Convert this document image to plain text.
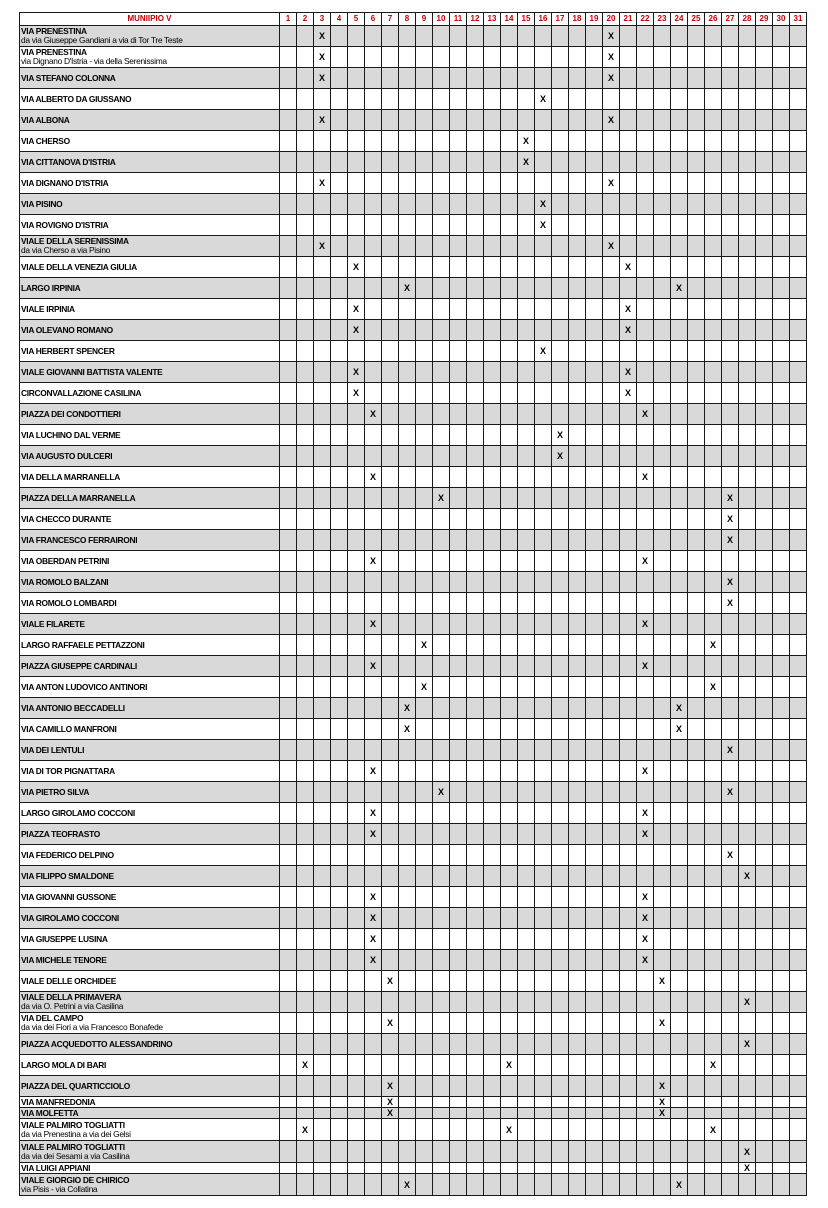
MUNIIPIO V	1	2	3	4	5	6	7	8	9	10	11	12	13	14	15	16	17	18	19	20	21	22	23	24	25	26	27	28	29	30	31
VIA PRENESTINA
da via Giuseppe Gandiani a via di Tor Tre Teste			X																	X											
VIA PRENESTINA
via Dignano D'Istria - via della Serenissima			X																	X											
VIA STEFANO COLONNA			X																	X											
VIA ALBERTO DA GIUSSANO																X															
VIA ALBONA			X																	X											
VIA CHERSO															X																
VIA CITTANOVA D'ISTRIA															X																
VIA DIGNANO D'ISTRIA			X																	X											
VIA PISINO																X															
VIA ROVIGNO D'ISTRIA																X															
VIALE DELLA SERENISSIMA
da via Cherso a via Pisino			X																	X											
VIALE DELLA VENEZIA GIULIA					X																X										
LARGO IRPINIA								X																X							
VIALE IRPINIA					X																X										
VIA OLEVANO ROMANO					X																X										
VIA HERBERT SPENCER																X															
VIALE GIOVANNI BATTISTA VALENTE					X																X										
CIRCONVALLAZIONE CASILINA					X																X										
PIAZZA DEI CONDOTTIERI						X																X									
VIA LUCHINO DAL VERME																	X														
VIA AUGUSTO DULCERI																	X														
VIA DELLA MARRANELLA						X																X									
PIAZZA DELLA MARRANELLA										X																	X				
VIA CHECCO DURANTE																											X				
VIA FRANCESCO FERRAIRONI																											X				
VIA OBERDAN PETRINI						X																X									
VIA ROMOLO BALZANI																											X				
VIA ROMOLO LOMBARDI																											X				
VIALE FILARETE						X																X									
LARGO RAFFAELE PETTAZZONI									X																	X					
PIAZZA GIUSEPPE CARDINALI						X																X									
VIA ANTON LUDOVICO ANTINORI									X																	X					
VIA ANTONIO BECCADELLI								X																X							
VIA CAMILLO MANFRONI								X																X							
VIA DEI LENTULI																											X				
VIA DI TOR PIGNATTARA						X																X									
VIA PIETRO SILVA										X																	X				
LARGO GIROLAMO COCCONI						X																X									
PIAZZA TEOFRASTO						X																X									
VIA FEDERICO DELPINO																											X				
VIA FILIPPO SMALDONE																												X			
VIA GIOVANNI GUSSONE						X																X									
VIA GIROLAMO COCCONI						X																X									
VIA GIUSEPPE LUSINA						X																X									
VIA MICHELE TENORE						X																X									
VIALE DELLE ORCHIDEE							X																X								
VIALE DELLA PRIMAVERA
da via O. Petrini a via Casilina																												X			
VIA DEL CAMPO
da via dei Fiori a via Francesco Bonafede							X																X								
PIAZZA ACQUEDOTTO ALESSANDRINO																												X			
LARGO MOLA DI BARI		X												X												X					
PIAZZA DEL QUARTICCIOLO							X																X								
VIA MANFREDONIA							X																X								
VIA MOLFETTA							X																X								
VIALE PALMIRO TOGLIATTI
da via Prenestina a via dei Gelsi		X												X												X					
VIALE PALMIRO TOGLIATTI
da via dei Sesami a via Casilina																												X			
VIA LUIGI APPIANI																												X			
VIALE GIORGIO DE CHIRICO
via Pisis - via Collatina								X																X							
